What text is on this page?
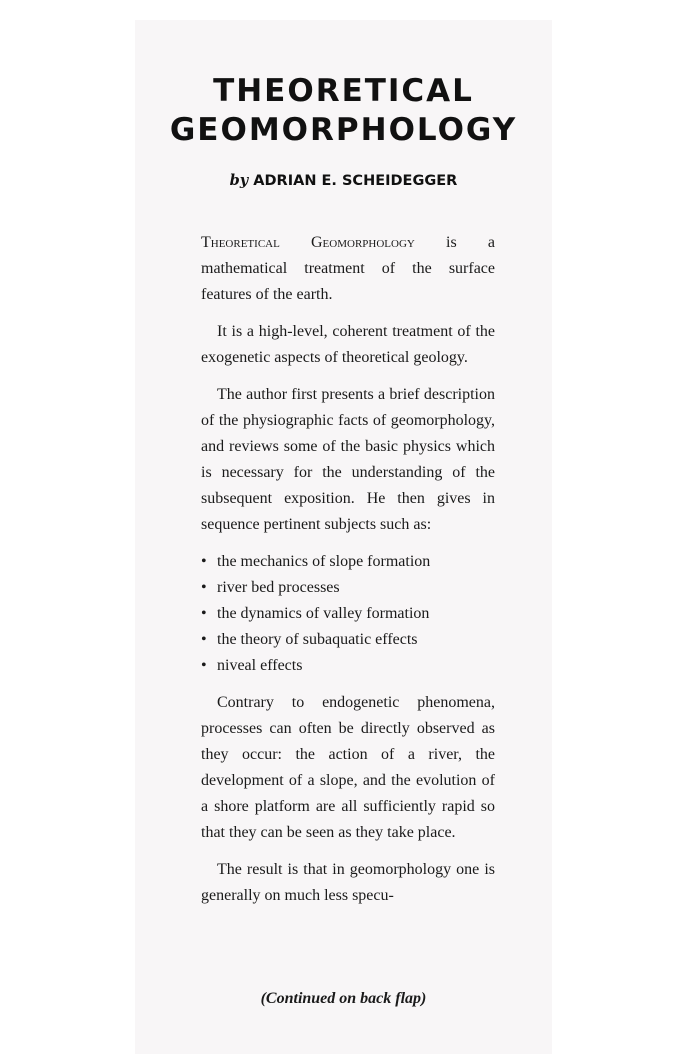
THEORETICAL
GEOMORPHOLOGY
by ADRIAN E. SCHEIDEGGER

Theoretical Geomorphology is a mathematical treatment of the surface features of the earth.

It is a high-level, coherent treatment of the exogenetic aspects of theoretical geology.

The author first presents a brief description of the physiographic facts of geomorphology, and reviews some of the basic physics which is necessary for the understanding of the subsequent exposition. He then gives in sequence pertinent subjects such as:

• the mechanics of slope formation
• river bed processes
• the dynamics of valley formation
• the theory of subaquatic effects
• niveal effects

Contrary to endogenetic phenomena, processes can often be directly observed as they occur: the action of a river, the development of a slope, and the evolution of a shore platform are all sufficiently rapid so that they can be seen as they take place.

The result is that in geomorphology one is generally on much less specu-

(Continued on back flap)
